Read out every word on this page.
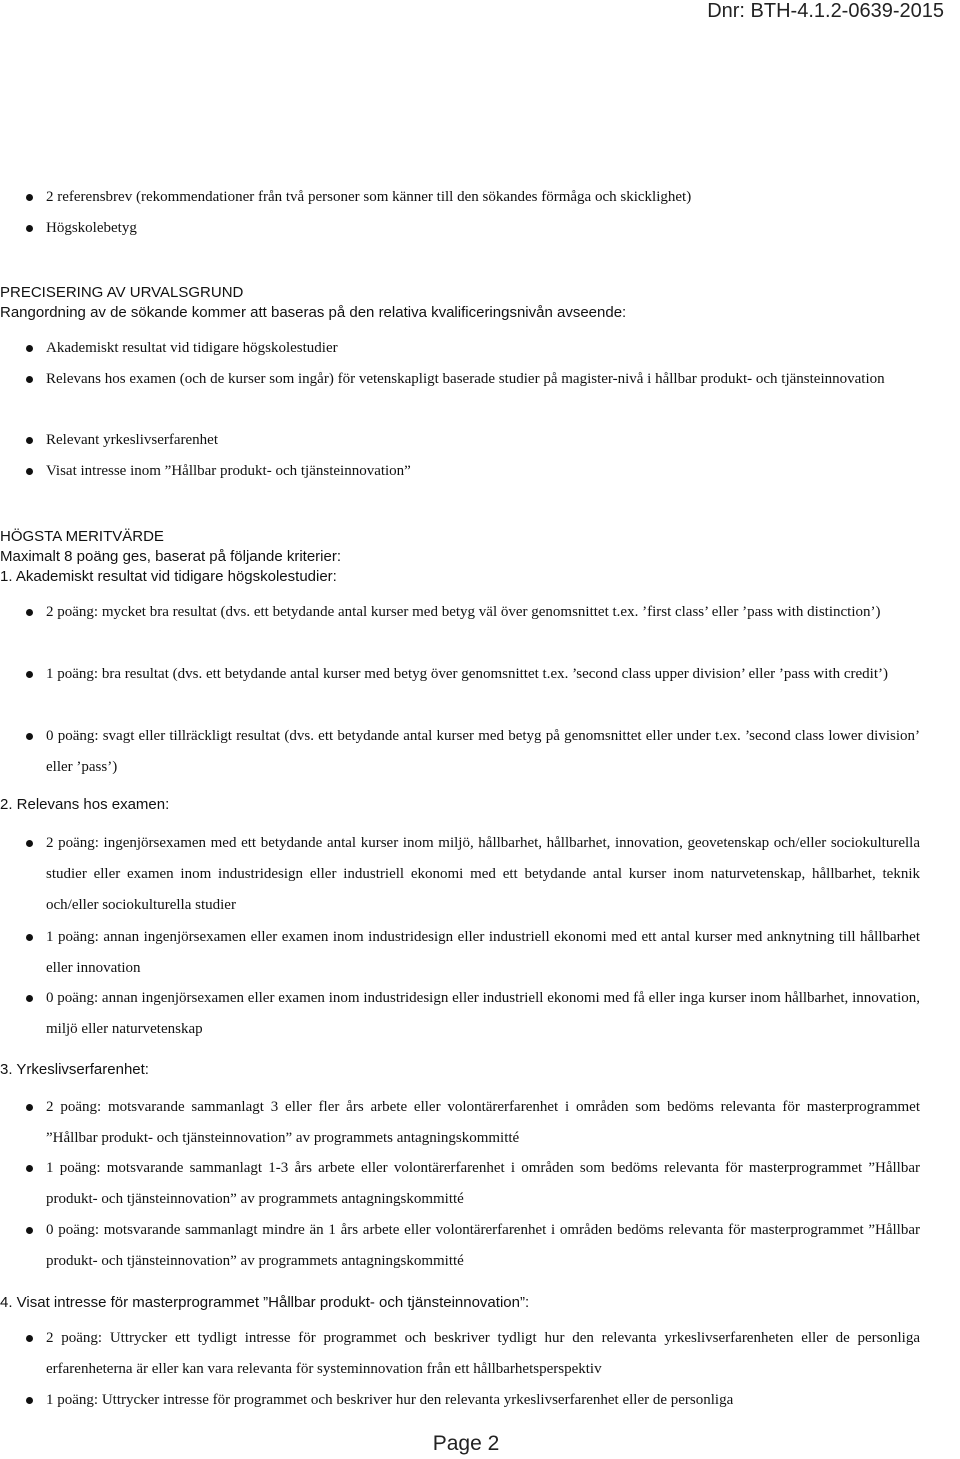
Dnr: BTH-4.1.2-0639-2015
2 referensbrev (rekommendationer från två personer som känner till den sökandes förmåga och skicklighet)
Högskolebetyg
PRECISERING AV URVALSGRUND
Rangordning av de sökande kommer att baseras på den relativa kvalificeringsnivån avseende:
Akademiskt resultat vid tidigare högskolestudier
Relevans hos examen (och de kurser som ingår) för vetenskapligt baserade studier på magister-nivå i hållbar produkt- och tjänsteinnovation
Relevant yrkeslivserfarenhet
Visat intresse inom ”Hållbar produkt- och tjänsteinnovation”
HÖGSTA MERITVÄRDE
Maximalt 8 poäng ges, baserat på följande kriterier:
1. Akademiskt resultat vid tidigare högskolestudier:
2 poäng: mycket bra resultat (dvs. ett betydande antal kurser med betyg väl över genomsnittet t.ex. ’first class’ eller ’pass with distinction’)
1 poäng: bra resultat (dvs. ett betydande antal kurser med betyg över genomsnittet t.ex. ’second class upper division’ eller ’pass with credit’)
0 poäng: svagt eller tillräckligt resultat (dvs. ett betydande antal kurser med betyg på genomsnittet eller under t.ex. ’second class lower division’ eller ’pass’)
2. Relevans hos examen:
2 poäng: ingenjörsexamen med ett betydande antal kurser inom miljö, hållbarhet, hållbarhet, innovation, geovetenskap och/eller sociokulturella studier eller examen inom industridesign eller industriell ekonomi med ett betydande antal kurser inom naturvetenskap, hållbarhet, teknik och/eller sociokulturella studier
1 poäng: annan ingenjörsexamen eller examen inom industridesign eller industriell ekonomi med ett antal kurser med anknytning till hållbarhet eller innovation
0 poäng: annan ingenjörsexamen eller examen inom industridesign eller industriell ekonomi med få eller inga kurser inom hållbarhet, innovation, miljö eller naturvetenskap
3. Yrkeslivserfarenhet:
2 poäng: motsvarande sammanlagt 3 eller fler års arbete eller volontärerfarenhet i områden som bedöms relevanta för masterprogrammet ”Hållbar produkt- och tjänsteinnovation” av programmets antagningskommitté
1 poäng: motsvarande sammanlagt 1-3 års arbete eller volontärerfarenhet i områden som bedöms relevanta för masterprogrammet ”Hållbar produkt- och tjänsteinnovation” av programmets antagningskommitté
0 poäng: motsvarande sammanlagt mindre än 1 års arbete eller volontärerfarenhet i områden bedöms relevanta för masterprogrammet ”Hållbar produkt- och tjänsteinnovation” av programmets antagningskommitté
4. Visat intresse för masterprogrammet ”Hållbar produkt- och tjänsteinnovation”:
2 poäng: Uttrycker ett tydligt intresse för programmet och beskriver tydligt hur den relevanta yrkeslivserfarenheten eller de personliga erfarenheterna är eller kan vara relevanta för systeminnovation från ett hållbarhetsperspektiv
1 poäng: Uttrycker intresse för programmet och beskriver hur den relevanta yrkeslivserfarenhet eller de personliga
Page 2
